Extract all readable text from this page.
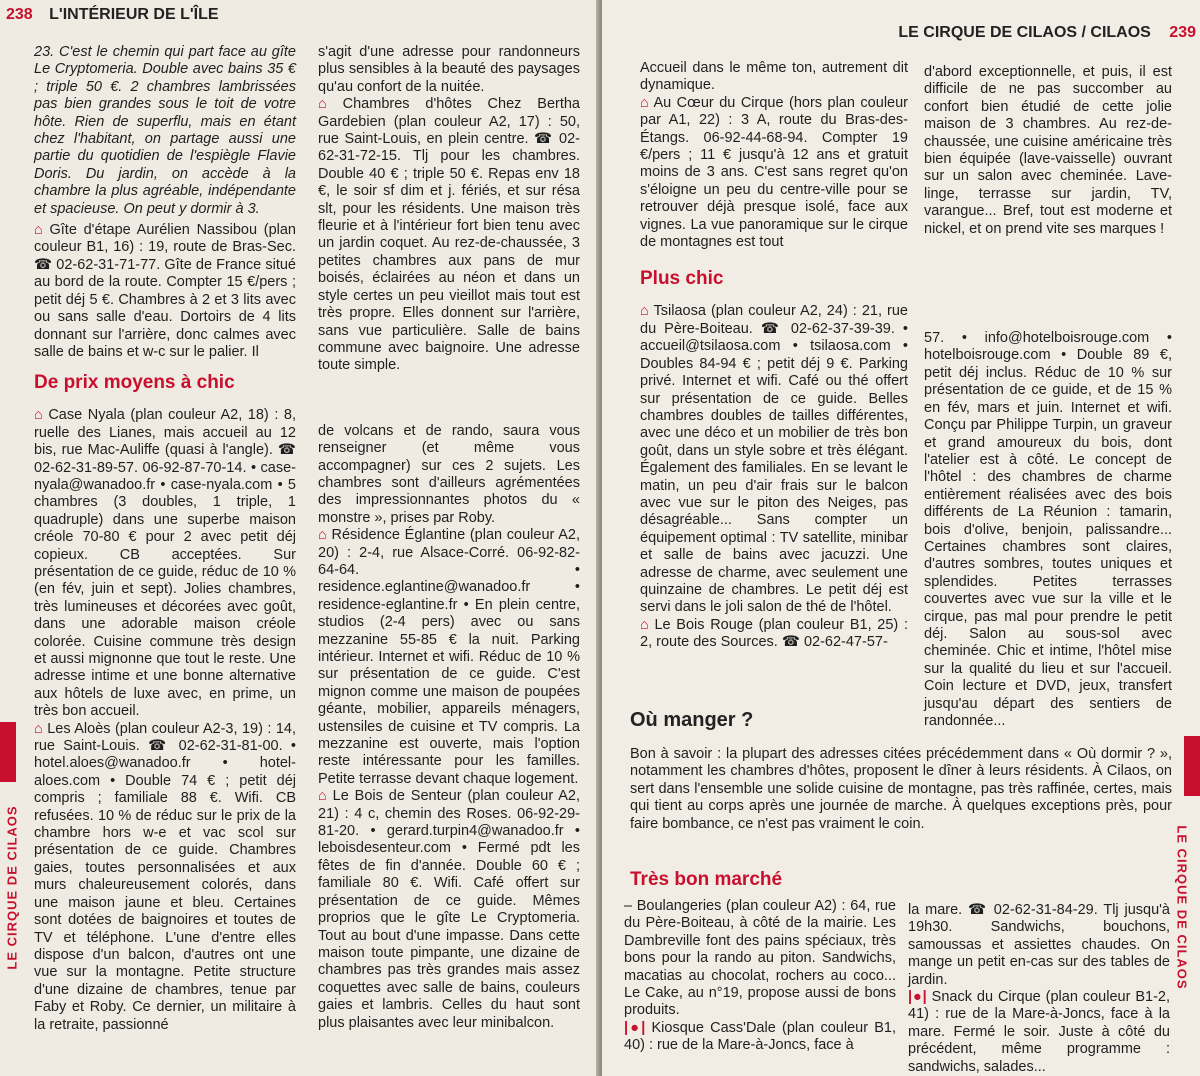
238 L'INTÉRIEUR DE L'ÎLE

23. C'est le chemin qui part face au gîte Le Cryptomeria. Double avec bains 35 € ; triple 50 €. 2 chambres lambrissées pas bien grandes sous le toit de votre hôte. Rien de superflu, mais en étant chez l'habitant, on partage aussi une partie du quotidien de l'espiègle Flavie Doris. Du jardin, on accède à la chambre la plus agréable, indépendante et spacieuse. On peut y dormir à 3.

⌂ Gîte d'étape Aurélien Nassibou (plan couleur B1, 16) : 19, route de Bras-Sec. ☎ 02-62-31-71-77. Gîte de France situé au bord de la route. Compter 15 €/pers ; petit déj 5 €. Chambres à 2 et 3 lits avec ou sans salle d'eau. Dortoirs de 4 lits donnant sur l'arrière, donc calmes avec salle de bains et w-c sur le palier. Il

De prix moyens à chic

⌂ Case Nyala (plan couleur A2, 18) : 8, ruelle des Lianes, mais accueil au 12 bis, rue Mac-Auliffe (quasi à l'angle). ☎ 02-62-31-89-57. 06-92-87-70-14. • case-nyala@wanadoo.fr • case-nyala.com • 5 chambres (3 doubles, 1 triple, 1 quadruple) dans une superbe maison créole 70-80 € pour 2 avec petit déj copieux. CB acceptées. Sur présentation de ce guide, réduc de 10 % (en fév, juin et sept). Jolies chambres, très lumineuses et décorées avec goût, dans une adorable maison créole colorée. Cuisine commune très design et aussi mignonne que tout le reste. Une adresse intime et une bonne alternative aux hôtels de luxe avec, en prime, un très bon accueil.

⌂ Les Aloès (plan couleur A2-3, 19) : 14, rue Saint-Louis. ☎ 02-62-31-81-00. • hotel.aloes@wanadoo.fr • hotel-aloes.com • Double 74 € ; petit déj compris ; familiale 88 €. Wifi. CB refusées. 10 % de réduc sur le prix de la chambre hors w-e et vac scol sur présentation de ce guide. Chambres gaies, toutes personnalisées et aux murs chaleureusement colorés, dans une maison jaune et bleu. Certaines sont dotées de baignoires et toutes de TV et téléphone. L'une d'entre elles dispose d'un balcon, d'autres ont une vue sur la montagne. Petite structure d'une dizaine de chambres, tenue par Faby et Roby. Ce dernier, un militaire à la retraite, passionné

s'agit d'une adresse pour randonneurs plus sensibles à la beauté des paysages qu'au confort de la nuitée.

⌂ Chambres d'hôtes Chez Bertha Gardebien (plan couleur A2, 17) : 50, rue Saint-Louis, en plein centre. ☎ 02-62-31-72-15. Tlj pour les chambres. Double 40 € ; triple 50 €. Repas env 18 €, le soir sf dim et j. fériés, et sur résa slt, pour les résidents. Une maison très fleurie et à l'intérieur fort bien tenu avec un jardin coquet. Au rez-de-chaussée, 3 petites chambres aux pans de mur boisés, éclairées au néon et dans un style certes un peu vieillot mais tout est très propre. Elles donnent sur l'arrière, sans vue particulière. Salle de bains commune avec baignoire. Une adresse toute simple.

de volcans et de rando, saura vous renseigner (et même vous accompagner) sur ces 2 sujets. Les chambres sont d'ailleurs agrémentées des impressionnantes photos du « monstre », prises par Roby.

⌂ Résidence Églantine (plan couleur A2, 20) : 2-4, rue Alsace-Corré. 06-92-82-64-64. • residence.eglantine@wanadoo.fr • residence-eglantine.fr • En plein centre, studios (2-4 pers) avec ou sans mezzanine 55-85 € la nuit. Parking intérieur. Internet et wifi. Réduc de 10 % sur présentation de ce guide. C'est mignon comme une maison de poupées géante, mobilier, appareils ménagers, ustensiles de cuisine et TV compris. La mezzanine est ouverte, mais l'option reste intéressante pour les familles. Petite terrasse devant chaque logement.

⌂ Le Bois de Senteur (plan couleur A2, 21) : 4 c, chemin des Roses. 06-92-29-81-20. • gerard.turpin4@wanadoo.fr • leboisdesenteur.com • Fermé pdt les fêtes de fin d'année. Double 60 € ; familiale 80 €. Wifi. Café offert sur présentation de ce guide. Mêmes proprios que le gîte Le Cryptomeria. Tout au bout d'une impasse. Dans cette maison toute pimpante, une dizaine de chambres pas très grandes mais assez coquettes avec salle de bains, couleurs gaies et lambris. Celles du haut sont plus plaisantes avec leur minibalcon.

LE CIRQUE DE CILAOS
LE CIRQUE DE CILAOS / CILAOS 239

Accueil dans le même ton, autrement dit dynamique.

⌂ Au Cœur du Cirque (hors plan couleur par A1, 22) : 3 A, route du Bras-des-Étangs. 06-92-44-68-94. Compter 19 €/pers ; 11 € jusqu'à 12 ans et gratuit moins de 3 ans. C'est sans regret qu'on s'éloigne un peu du centre-ville pour se retrouver déjà presque isolé, face aux vignes. La vue panoramique sur le cirque de montagnes est tout

Plus chic

⌂ Tsilaosa (plan couleur A2, 24) : 21, rue du Père-Boiteau. ☎ 02-62-37-39-39. • accueil@tsilaosa.com • tsilaosa.com • Doubles 84-94 € ; petit déj 9 €. Parking privé. Internet et wifi. Café ou thé offert sur présentation de ce guide. Belles chambres doubles de tailles différentes, avec une déco et un mobilier de très bon goût, dans un style sobre et très élégant. Également des familiales. En se levant le matin, un peu d'air frais sur le balcon avec vue sur le piton des Neiges, pas désagréable... Sans compter un équipement optimal : TV satellite, minibar et salle de bains avec jacuzzi. Une adresse de charme, avec seulement une quinzaine de chambres. Le petit déj est servi dans le joli salon de thé de l'hôtel.

⌂ Le Bois Rouge (plan couleur B1, 25) : 2, route des Sources. ☎ 02-62-47-57-

d'abord exceptionnelle, et puis, il est difficile de ne pas succomber au confort bien étudié de cette jolie maison de 3 chambres. Au rez-de-chaussée, une cuisine américaine très bien équipée (lave-vaisselle) ouvrant sur un salon avec cheminée. Lave-linge, terrasse sur jardin, TV, varangue... Bref, tout est moderne et nickel, et on prend vite ses marques !

57. • info@hotelboisrouge.com • hotelboisrouge.com • Double 89 €, petit déj inclus. Réduc de 10 % sur présentation de ce guide, et de 15 % en fév, mars et juin. Internet et wifi. Conçu par Philippe Turpin, un graveur et grand amoureux du bois, dont l'atelier est à côté. Le concept de l'hôtel : des chambres de charme entièrement réalisées avec des bois différents de La Réunion : tamarin, bois d'olive, benjoin, palissandre... Certaines chambres sont claires, d'autres sombres, toutes uniques et splendides. Petites terrasses couvertes avec vue sur la ville et le cirque, pas mal pour prendre le petit déj. Salon au sous-sol avec cheminée. Chic et intime, l'hôtel mise sur la qualité du lieu et sur l'accueil. Coin lecture et DVD, jeux, transfert jusqu'au départ des sentiers de randonnée...

Où manger ?
Bon à savoir : la plupart des adresses citées précédemment dans « Où dormir ? », notamment les chambres d'hôtes, proposent le dîner à leurs résidents. À Cilaos, on sert dans l'ensemble une solide cuisine de montagne, pas très raffinée, certes, mais qui tient au corps après une journée de marche. À quelques exceptions près, pour faire bombance, ce n'est pas vraiment le coin.
Très bon marché

– Boulangeries (plan couleur A2) : 64, rue du Père-Boiteau, à côté de la mairie. Les Dambreville font des pains spéciaux, très bons pour la rando au piton. Sandwichs, macatias au chocolat, rochers au coco... Le Cake, au n°19, propose aussi de bons produits.

|●| Kiosque Cass'Dale (plan couleur B1, 40) : rue de la Mare-à-Joncs, face à

la mare. ☎ 02-62-31-84-29. Tlj jusqu'à 19h30. Sandwichs, bouchons, samoussas et assiettes chaudes. On mange un petit en-cas sur des tables de jardin.

|●| Snack du Cirque (plan couleur B1-2, 41) : rue de la Mare-à-Joncs, face à la mare. Fermé le soir. Juste à côté du précédent, même programme : sandwichs, salades...

LE CIRQUE DE CILAOS
